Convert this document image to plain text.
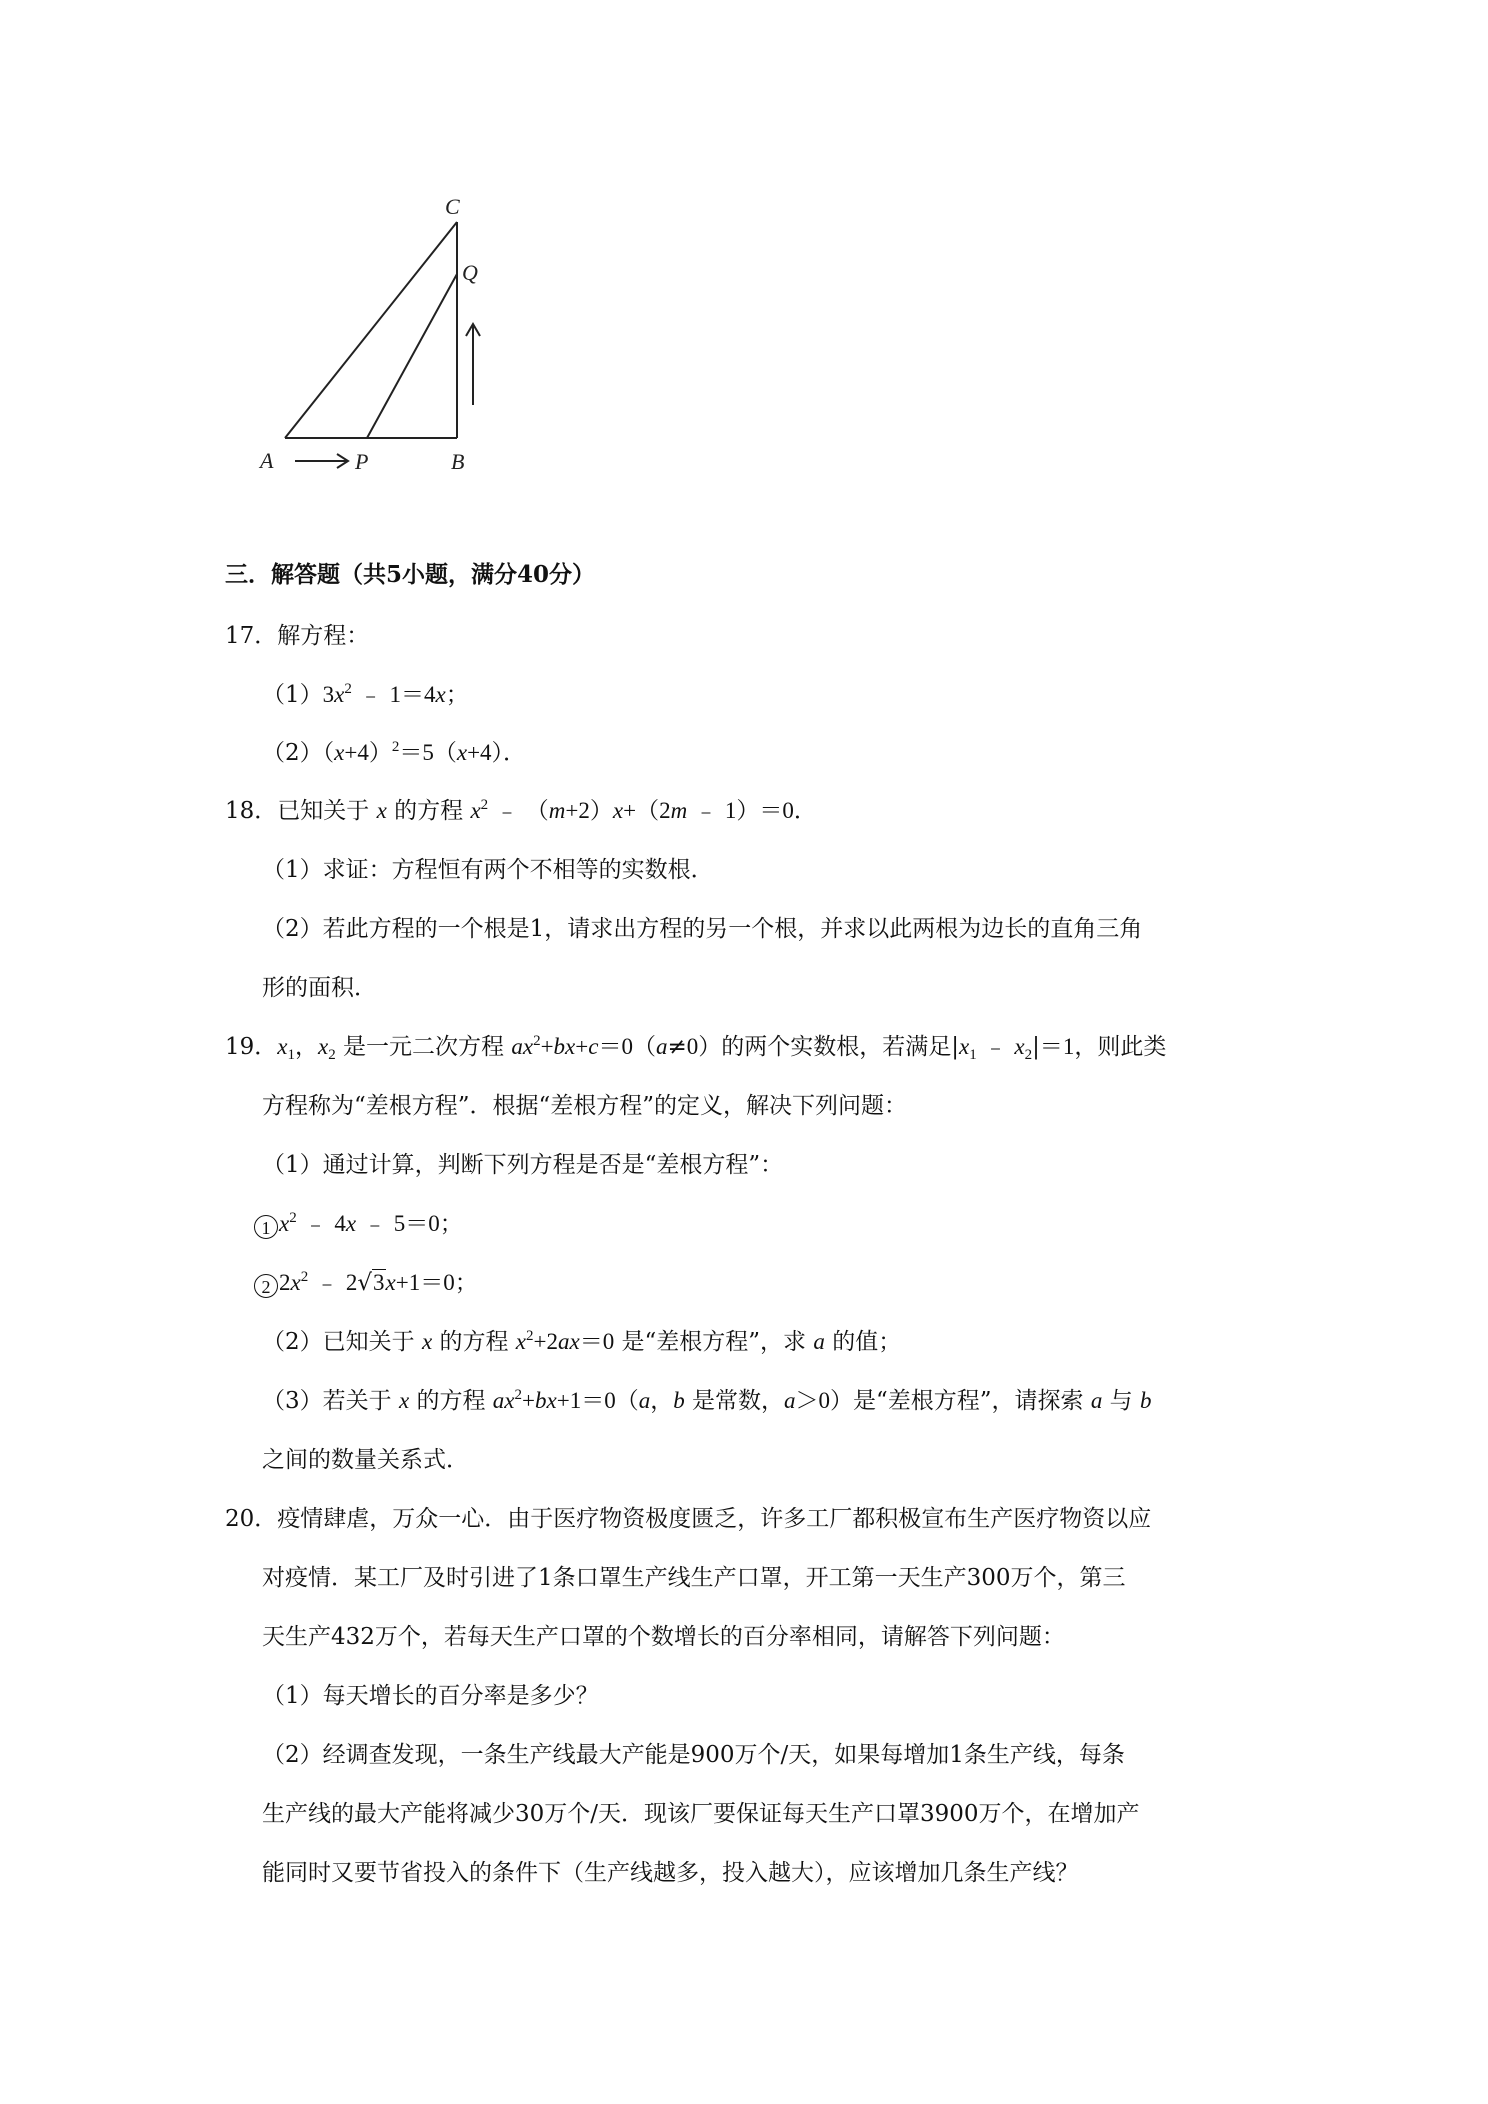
C
Q
A	P	B
三．解答题（共5小题，满分40分）
17．解方程：
$(1)3x^2$ ﹣ 1＝4x；
$(2)(x+4)^2=5(x+4)$．
18．已知关于 x 的方程 $x^2$ ﹣ （m+2）x+（2m ﹣ 1）＝0．
（1）求证：方程恒有两个不相等的实数根．
（2）若此方程的一个根是1，请求出方程的另一个根，并求以此两根为边长的直角三角
形的面积．
19．$x_1$，$x_2$ 是一元二次方程 $ax^2+bx+c=0(a\ne 0)$的两个实数根，若满足$|x_1$ ﹣ $x_2|=1$，则此类
方程称为“差根方程”．根据“差根方程”的定义，解决下列问题：
（1）通过计算，判断下列方程是否是“差根方程”：
1 $x^2$ ﹣ 4x ﹣ 5＝0；
2 $2x^2$ ﹣ 2√3x+1＝0；
（2）已知关于 x 的方程 $x^2+2ax=0$ 是“差根方程”，求 a 的值；
（3）若关于 x 的方程 $ax^2+bx+1=0(a$，b 是常数，a＞0）是“差根方程”，请探索 a 与 b
之间的数量关系式．
20．疫情肆虐，万众一心．由于医疗物资极度匮乏，许多工厂都积极宣布生产医疗物资以应
对疫情．某工厂及时引进了1条口罩生产线生产口罩，开工第一天生产300万个，第三
天生产432万个，若每天生产口罩的个数增长的百分率相同，请解答下列问题：
（1）每天增长的百分率是多少？
（2）经调查发现，一条生产线最大产能是900万个/天，如果每增加1条生产线，每条
生产线的最大产能将减少30万个/天．现该厂要保证每天生产口罩3900万个，在增加产
能同时又要节省投入的条件下（生产线越多，投入越大），应该增加几条生产线？
